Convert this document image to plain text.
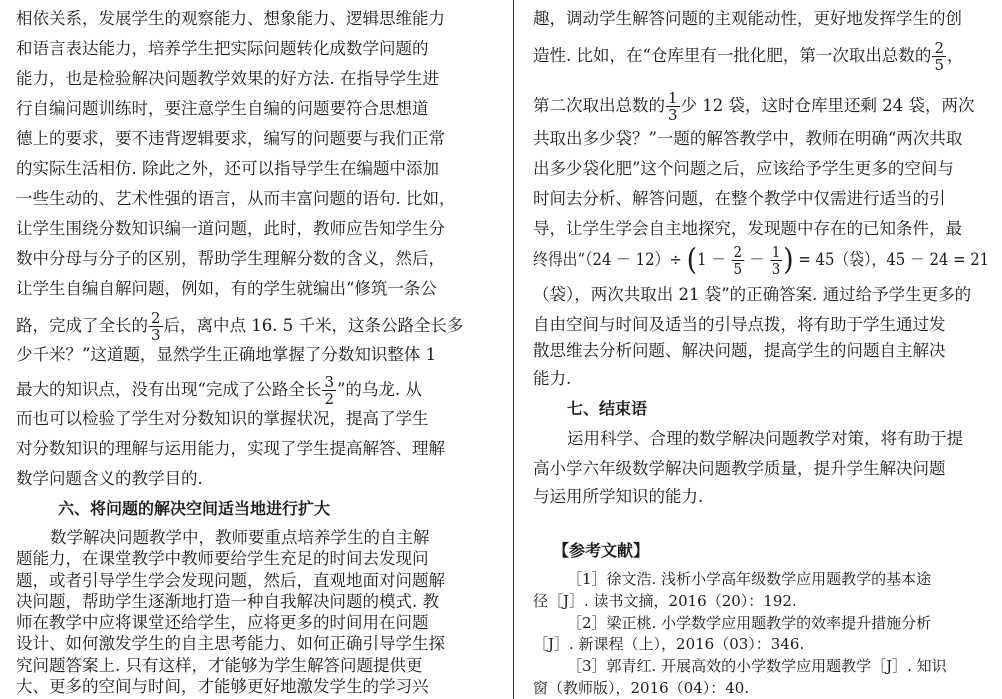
相依关系，发展学生的观察能力、想象能力、逻辑思维能力
和语言表达能力，培养学生把实际问题转化成数学问题的
能力，也是检验解决问题教学效果的好方法. 在指导学生进
行自编问题训练时，要注意学生自编的问题要符合思想道
德上的要求，要不违背逻辑要求，编写的问题要与我们正常
的实际生活相仿. 除此之外，还可以指导学生在编题中添加
一些生动的、艺术性强的语言，从而丰富问题的语句. 比如，
让学生围绕分数知识编一道问题，此时，教师应告知学生分
数中分母与分子的区别，帮助学生理解分数的含义，然后，
让学生自编自解问题，例如，有的学生就编出“修筑一条公
路，完成了全长的 $\frac{2}{3}$ 后，离中点 16. 5 千米，这条公路全长多
少千米？”这道题，显然学生正确地掌握了分数知识整体 1
最大的知识点，没有出现“完成了公路全长 $\frac{3}{2}$ ”的乌龙. 从
而也可以检验了学生对分数知识的掌握状况，提高了学生
对分数知识的理解与运用能力，实现了学生提高解答、理解
数学问题含义的教学目的.
六、将问题的解决空间适当地进行扩大
数学解决问题教学中，教师要重点培养学生的自主解
题能力，在课堂教学中教师要给学生充足的时间去发现问
题，或者引导学生学会发现问题，然后，直观地面对问题解
决问题，帮助学生逐渐地打造一种自我解决问题的模式. 教
师在教学中应将课堂还给学生，应将更多的时间用在问题
设计、如何激发学生的自主思考能力、如何正确引导学生探
究问题答案上. 只有这样，才能够为学生解答问题提供更
大、更多的空间与时间，才能够更好地激发学生的学习兴
趣，调动学生解答问题的主观能动性，更好地发挥学生的创
造性. 比如，在“仓库里有一批化肥，第一次取出总数的 $\frac{2}{5}$ ，
第二次取出总数的 $\frac{1}{3}$ 少 12 袋，这时仓库里还剩 24 袋，两次
共取出多少袋？”一题的解答教学中，教师在明确“两次共取
出多少袋化肥”这个问题之后，应该给予学生更多的空间与
时间去分析、解答问题，在整个教学中仅需进行适当的引
导，让学生学会自主地探究，发现题中存在的已知条件，最
终得出“$(24 - 12)\div (1 - \frac{2}{5} - \frac{1}{3}$ ) = 45（袋），45 － 24 = 21
（袋），两次共取出 21 袋”的正确答案. 通过给予学生更多的
自由空间与时间及适当的引导点拨，将有助于学生通过发
散思维去分析问题、解决问题，提高学生的问题自主解决
能力.
七、结束语
运用科学、合理的数学解决问题教学对策，将有助于提
高小学六年级数学解决问题教学质量，提升学生解决问题
与运用所学知识的能力.
【参考文献】
［1］徐文浩. 浅析小学高年级数学应用题教学的基本途
径［J］. 读书文摘，2016（20）：192.
［2］梁正桃. 小学数学应用题教学的效率提升措施分析
［J］. 新课程（上），2016（03）：346.
［3］郭青红. 开展高效的小学数学应用题教学［J］. 知识
窗（教师版），2016（04）：40.
